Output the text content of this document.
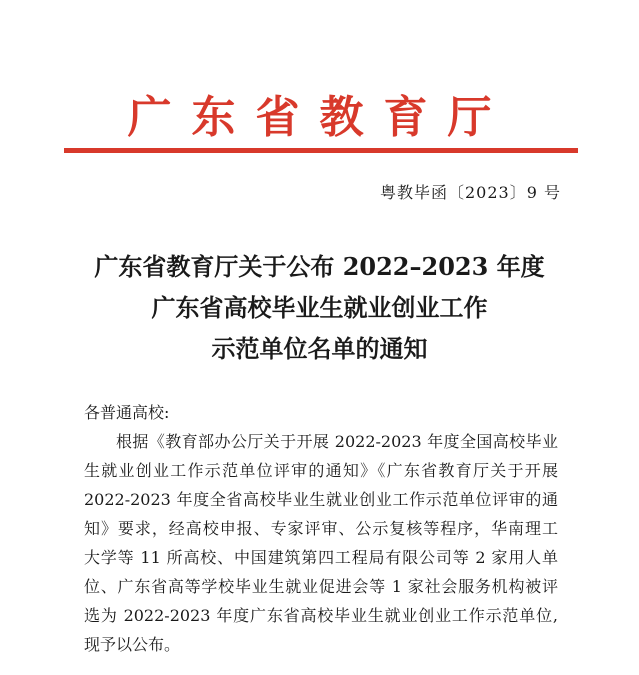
广东省教育厅
粤教毕函〔2023〕9 号
广东省教育厅关于公布 2022–2023 年度
广东省高校毕业生就业创业工作
示范单位名单的通知

各普通高校:

根据《教育部办公厅关于开展 2022-2023 年度全国高校毕业
生就业创业工作示范单位评审的通知》《广东省教育厅关于开展
2022-2023 年度全省高校毕业生就业创业工作示范单位评审的通
知》要求，经高校申报、专家评审、公示复核等程序，华南理工
大学等 11 所高校、中国建筑第四工程局有限公司等 2 家用人单
位、广东省高等学校毕业生就业促进会等 1 家社会服务机构被评
选为 2022-2023 年度广东省高校毕业生就业创业工作示范单位,
现予以公布。
